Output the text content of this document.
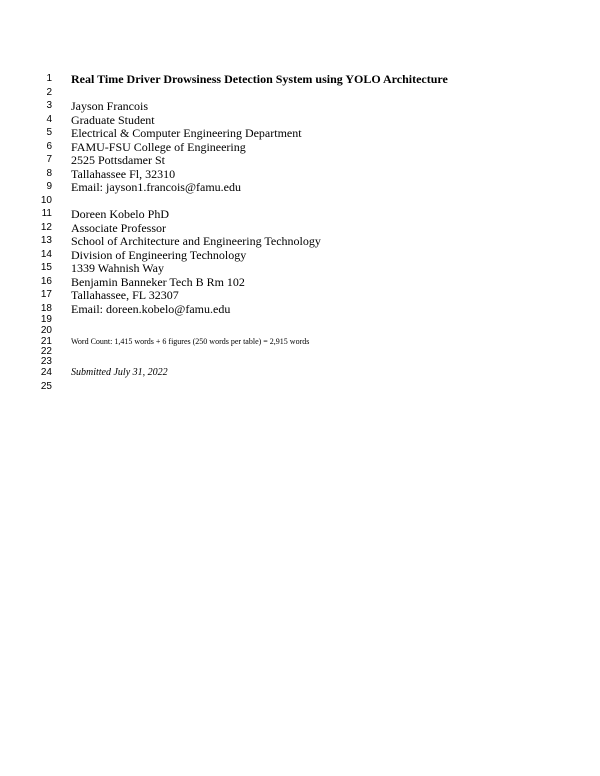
1 Real Time Driver Drowsiness Detection System using YOLO Architecture
2
3 Jayson Francois
4 Graduate Student
5 Electrical & Computer Engineering Department
6 FAMU-FSU College of Engineering
7 2525 Pottsdamer St
8 Tallahassee Fl, 32310
9 Email: jayson1.francois@famu.edu
10
11 Doreen Kobelo PhD
12 Associate Professor
13 School of Architecture and Engineering Technology
14 Division of Engineering Technology
15 1339 Wahnish Way
16 Benjamin Banneker Tech B Rm 102
17 Tallahassee, FL 32307
18 Email: doreen.kobelo@famu.edu
19
20
21 Word Count: 1,415 words + 6 figures (250 words per table) = 2,915 words
22
23
24 Submitted July 31, 2022
25
